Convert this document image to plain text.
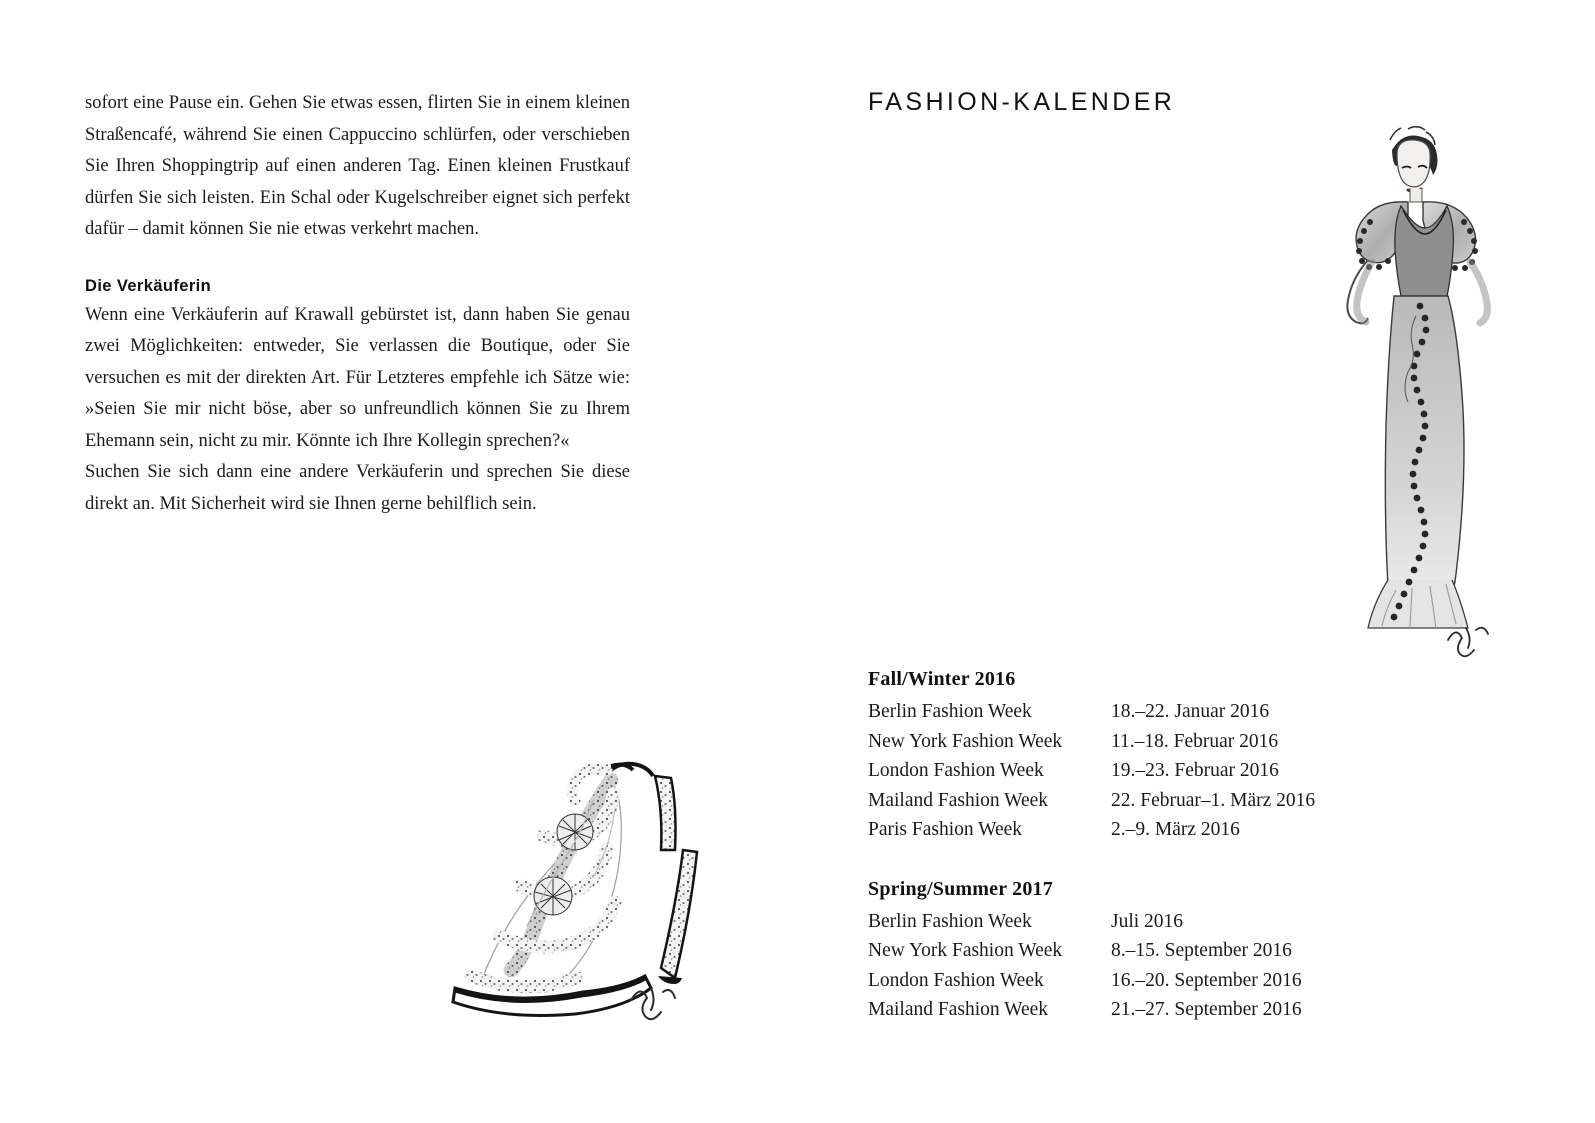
sofort eine Pause ein. Gehen Sie etwas essen, flirten Sie in einem kleinen Straßencafé, während Sie einen Cappuccino schlürfen, oder verschieben Sie Ihren Shoppingtrip auf einen anderen Tag. Einen kleinen Frustkauf dürfen Sie sich leisten. Ein Schal oder Kugelschreiber eignet sich perfekt dafür – damit können Sie nie etwas verkehrt machen.

Die Verkäuferin

Wenn eine Verkäuferin auf Krawall gebürstet ist, dann haben Sie genau zwei Möglichkeiten: entweder, Sie verlassen die Boutique, oder Sie versuchen es mit der direkten Art. Für Letzteres empfehle ich Sätze wie: »Seien Sie mir nicht böse, aber so unfreundlich können Sie zu Ihrem Ehemann sein, nicht zu mir. Könnte ich Ihre Kollegin sprechen?«

Suchen Sie sich dann eine andere Verkäuferin und sprechen Sie diese direkt an. Mit Sicherheit wird sie Ihnen gerne behilflich sein.

FASHION-KALENDER
Fall/Winter 2016
Berlin Fashion Week	18.–22. Januar 2016
New York Fashion Week	11.–18. Februar 2016
London Fashion Week	19.–23. Februar 2016
Mailand Fashion Week	22. Februar–1. März 2016
Paris Fashion Week	2.–9. März 2016
Spring/Summer 2017
Berlin Fashion Week	Juli 2016
New York Fashion Week	8.–15. September 2016
London Fashion Week	16.–20. September 2016
Mailand Fashion Week	21.–27. September 2016
